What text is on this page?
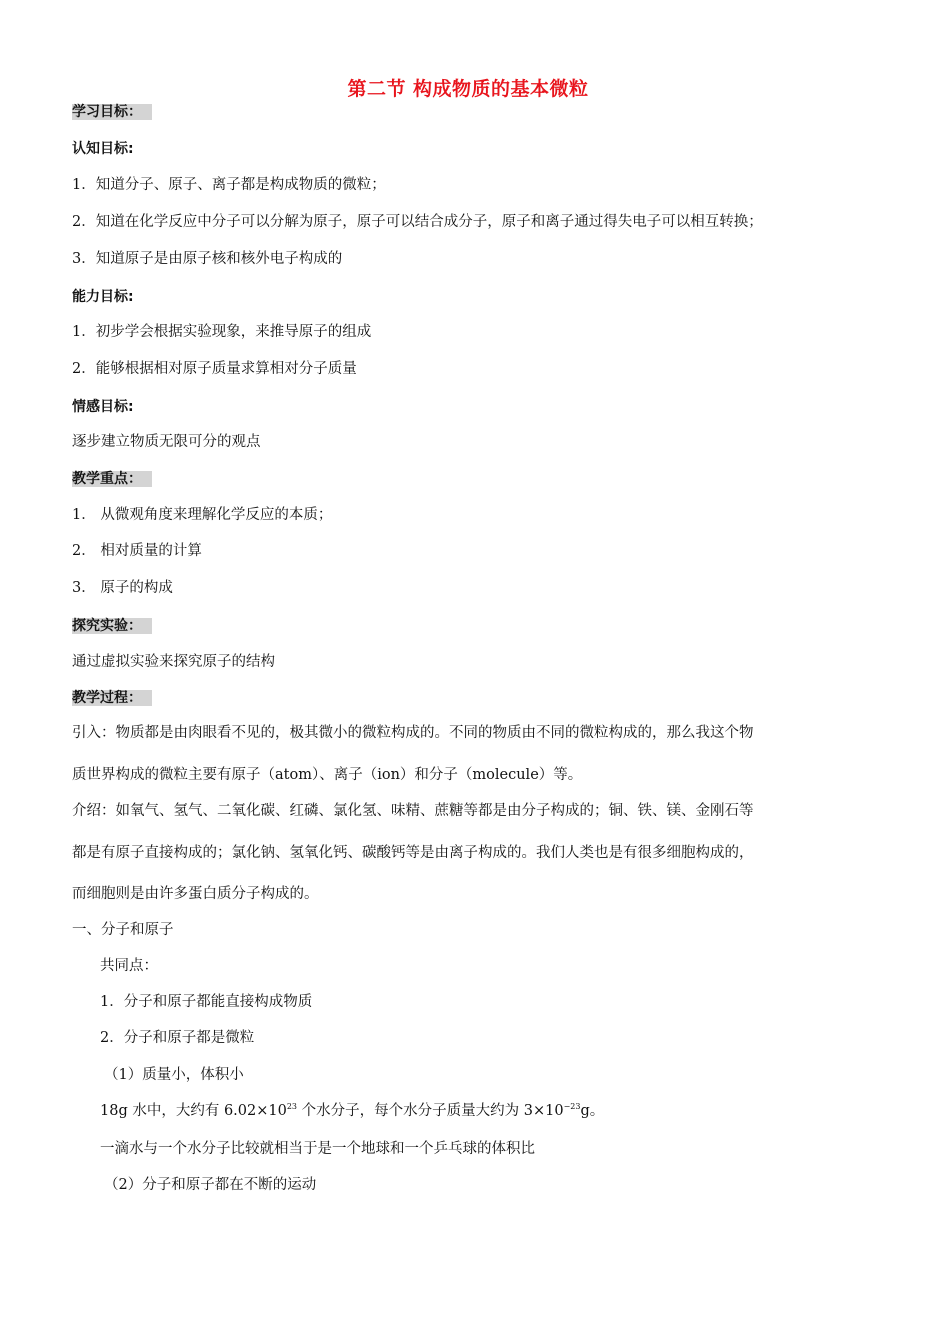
第二节 构成物质的基本微粒

学习目标：

认知目标:

1．知道分子、原子、离子都是构成物质的微粒；

2．知道在化学反应中分子可以分解为原子，原子可以结合成分子，原子和离子通过得失电子可以相互转换；

3．知道原子是由原子核和核外电子构成的

能力目标:

1．初步学会根据实验现象，来推导原子的组成

2．能够根据相对原子质量求算相对分子质量

情感目标:

逐步建立物质无限可分的观点

教学重点：

1． 从微观角度来理解化学反应的本质；

2． 相对质量的计算

3． 原子的构成

探究实验：

通过虚拟实验来探究原子的结构

教学过程：

引入：物质都是由肉眼看不见的，极其微小的微粒构成的。不同的物质由不同的微粒构成的，那么我这个物

质世界构成的微粒主要有原子（atom）、离子（ion）和分子（molecule）等。

介绍：如氧气、氢气、二氧化碳、红磷、氯化氢、味精、蔗糖等都是由分子构成的；铜、铁、镁、金刚石等

都是有原子直接构成的；氯化钠、氢氧化钙、碳酸钙等是由离子构成的。我们人类也是有很多细胞构成的，

而细胞则是由许多蛋白质分子构成的。

一、分子和原子

共同点：

1．分子和原子都能直接构成物质

2．分子和原子都是微粒

（1）质量小，体积小

18g 水中，大约有 $6.02\times 10^{23}$ 个水分子，每个水分子质量大约为 $3\times 10^{-23}g$。

一滴水与一个水分子比较就相当于是一个地球和一个乒乓球的体积比

（2）分子和原子都在不断的运动
